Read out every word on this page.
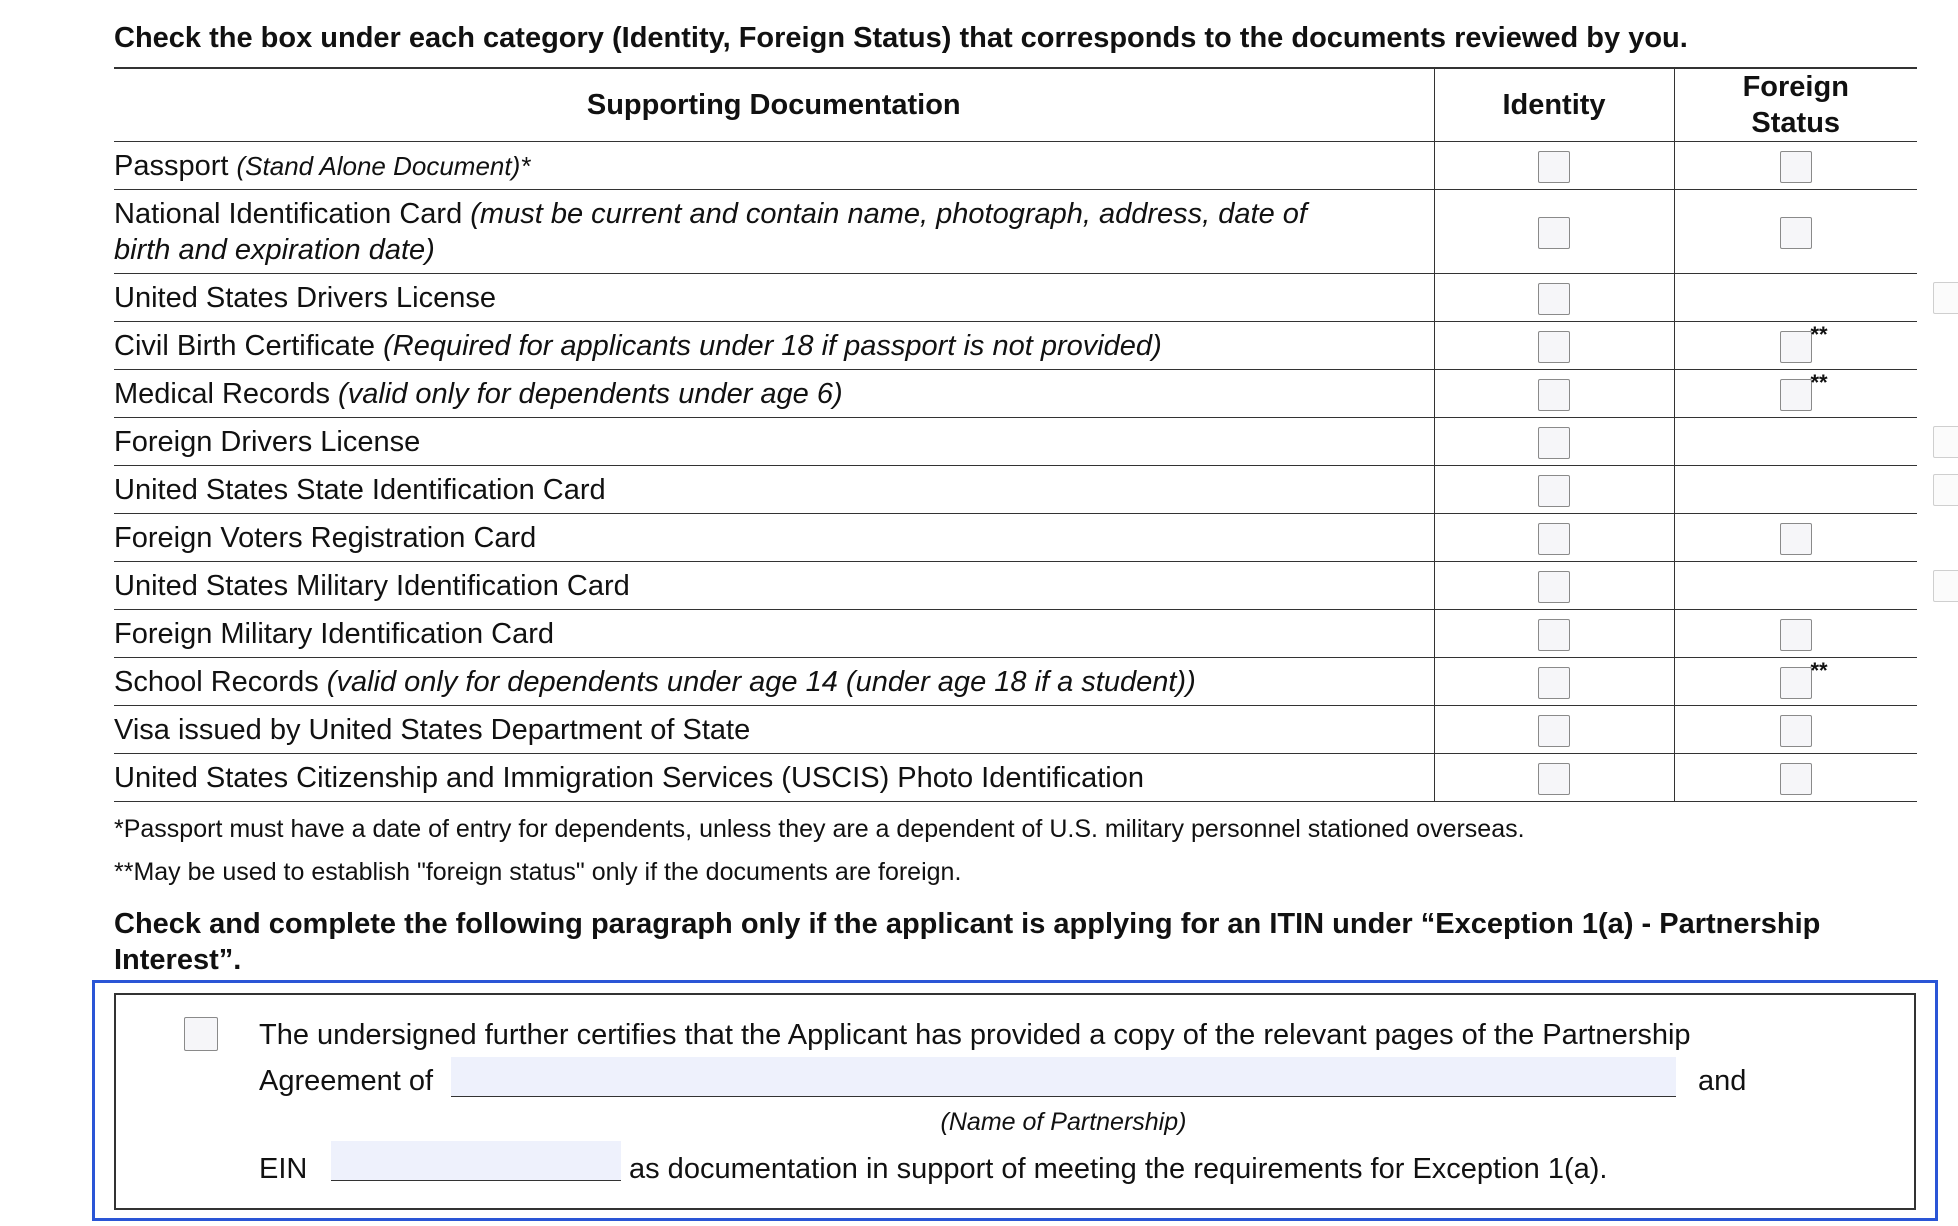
Check the box under each category (Identity, Foreign Status) that corresponds to the documents reviewed by you.

Supporting Documentation	Identity	Foreign
Status
Passport (Stand Alone Document)*		
National Identification Card (must be current and contain name, photograph, address, date of birth and expiration date)		
United States Drivers License		

Civil Birth Certificate (Required for applicants under 18 if passport is not provided)		**

Medical Records (valid only for dependents under age 6)		**

Foreign Drivers License		

United States State Identification Card		

Foreign Voters Registration Card		
United States Military Identification Card		

Foreign Military Identification Card		
School Records (valid only for dependents under age 14 (under age 18 if a student))		**

Visa issued by United States Department of State		
United States Citizenship and Immigration Services (USCIS) Photo Identification		

*Passport must have a date of entry for dependents, unless they are a dependent of U.S. military personnel stationed overseas.

**May be used to establish "foreign status" only if the documents are foreign.

Check and complete the following paragraph only if the applicant is applying for an ITIN under “Exception 1(a) - Partnership Interest”.

The undersigned further certifies that the Applicant has provided a copy of the relevant pages of the Partnership

Agreement of	and

(Name of Partnership)

EIN	as documentation in support of meeting the requirements for Exception 1(a).
